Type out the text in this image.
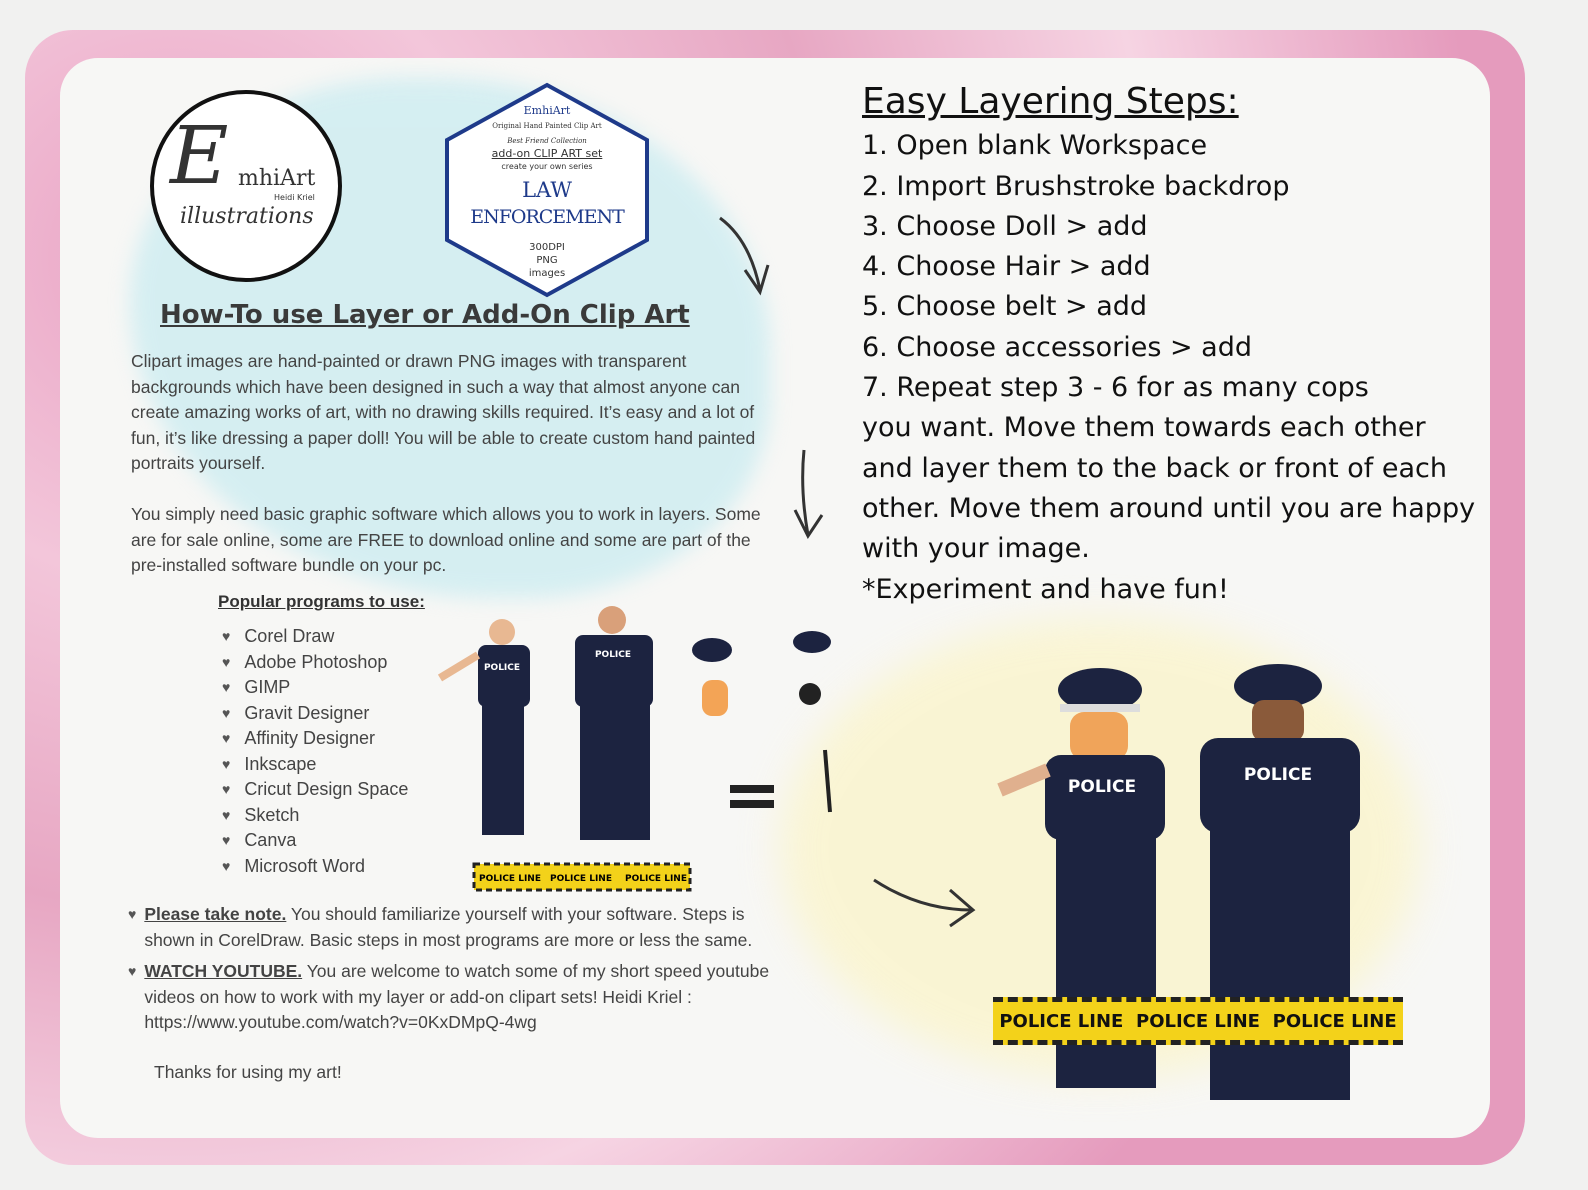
E mhiArt
Heidi Kriel
illustrations
EmhiArt
Original Hand Painted Clip Art
Best Friend Collection
add-on CLIP ART set
create your own series
LAW
ENFORCEMENT
300DPI
PNG
images
How-To use Layer or Add-On Clip Art
Clipart images are hand-painted or drawn PNG images with transparent backgrounds which have been designed in such a way that almost anyone can create amazing works of art, with no drawing skills required. It’s easy and a lot of fun, it’s like dressing a paper doll! You will be able to create custom hand painted portraits yourself.
You simply need basic graphic software which allows you to work in layers. Some are for sale online, some are FREE to download online and some are part of the pre-installed software bundle on your pc.
Popular programs to use:
♥ Corel Draw
♥ Adobe Photoshop
♥ GIMP
♥ Gravit Designer
♥ Affinity Designer
♥ Inkscape
♥ Cricut Design Space
♥ Sketch
♥ Canva
♥ Microsoft Word
POLICE
POLICE
POLICE LINE POLICE LINE POLICE LINE
♥ Please take note. You should familiarize yourself with your software. Steps is shown in CorelDraw. Basic steps in most programs are more or less the same.
♥ WATCH YOUTUBE. You are welcome to watch some of my short speed youtube videos on how to work with my layer or add-on clipart sets! Heidi Kriel : https://www.youtube.com/watch?v=0KxDMpQ-4wg
Thanks for using my art!
Easy Layering Steps:
1. Open blank Workspace
2. Import Brushstroke backdrop
3. Choose Doll > add
4. Choose Hair > add
5. Choose belt > add
6. Choose accessories > add
7. Repeat step 3 - 6 for as many cops
you want. Move them towards each other
and layer them to the back or front of each
other. Move them around until you are happy
with your image.
*Experiment and have fun!
POLICE
POLICE
POLICE LINE POLICE LINE POLICE LINE
